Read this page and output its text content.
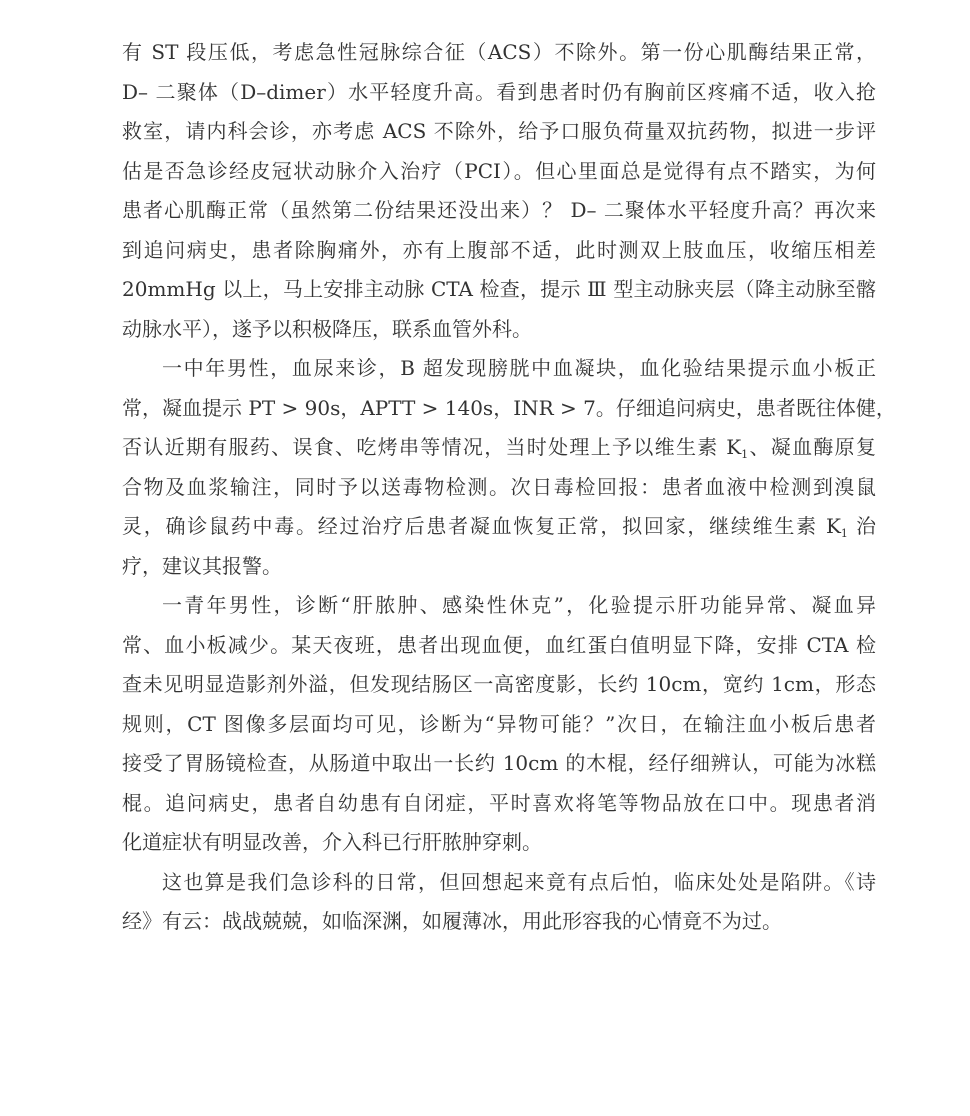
有 ST 段压低，考虑急性冠脉综合征（ACS）不除外。第一份心肌酶结果正常，
D– 二聚体（D–dimer）水平轻度升高。看到患者时仍有胸前区疼痛不适，收入抢
救室，请内科会诊，亦考虑 ACS 不除外，给予口服负荷量双抗药物，拟进一步评
估是否急诊经皮冠状动脉介入治疗（PCI）。但心里面总是觉得有点不踏实，为何
患者心肌酶正常（虽然第二份结果还没出来）？ D– 二聚体水平轻度升高？再次来
到追问病史，患者除胸痛外，亦有上腹部不适，此时测双上肢血压，收缩压相差
20mmHg 以上，马上安排主动脉 CTA 检查，提示 Ⅲ 型主动脉夹层（降主动脉至髂
动脉水平），遂予以积极降压，联系血管外科。

一中年男性，血尿来诊，B 超发现膀胱中血凝块，血化验结果提示血小板正
常，凝血提示 PT > 90s，APTT > 140s，INR > 7。仔细追问病史，患者既往体健，
否认近期有服药、误食、吃烤串等情况，当时处理上予以维生素 $K_1$、凝血酶原复
合物及血浆输注，同时予以送毒物检测。次日毒检回报：患者血液中检测到溴鼠
灵，确诊鼠药中毒。经过治疗后患者凝血恢复正常，拟回家，继续维生素 $K_1$ 治
疗，建议其报警。

一青年男性，诊断“肝脓肿、感染性休克”，化验提示肝功能异常、凝血异
常、血小板减少。某天夜班，患者出现血便，血红蛋白值明显下降，安排 CTA 检
查未见明显造影剂外溢，但发现结肠区一高密度影，长约 10cm，宽约 1cm，形态
规则，CT 图像多层面均可见，诊断为“异物可能？”次日，在输注血小板后患者
接受了胃肠镜检查，从肠道中取出一长约 10cm 的木棍，经仔细辨认，可能为冰糕
棍。追问病史，患者自幼患有自闭症，平时喜欢将笔等物品放在口中。现患者消
化道症状有明显改善，介入科已行肝脓肿穿刺。

这也算是我们急诊科的日常，但回想起来竟有点后怕，临床处处是陷阱。《诗
经》有云：战战兢兢，如临深渊，如履薄冰，用此形容我的心情竟不为过。
